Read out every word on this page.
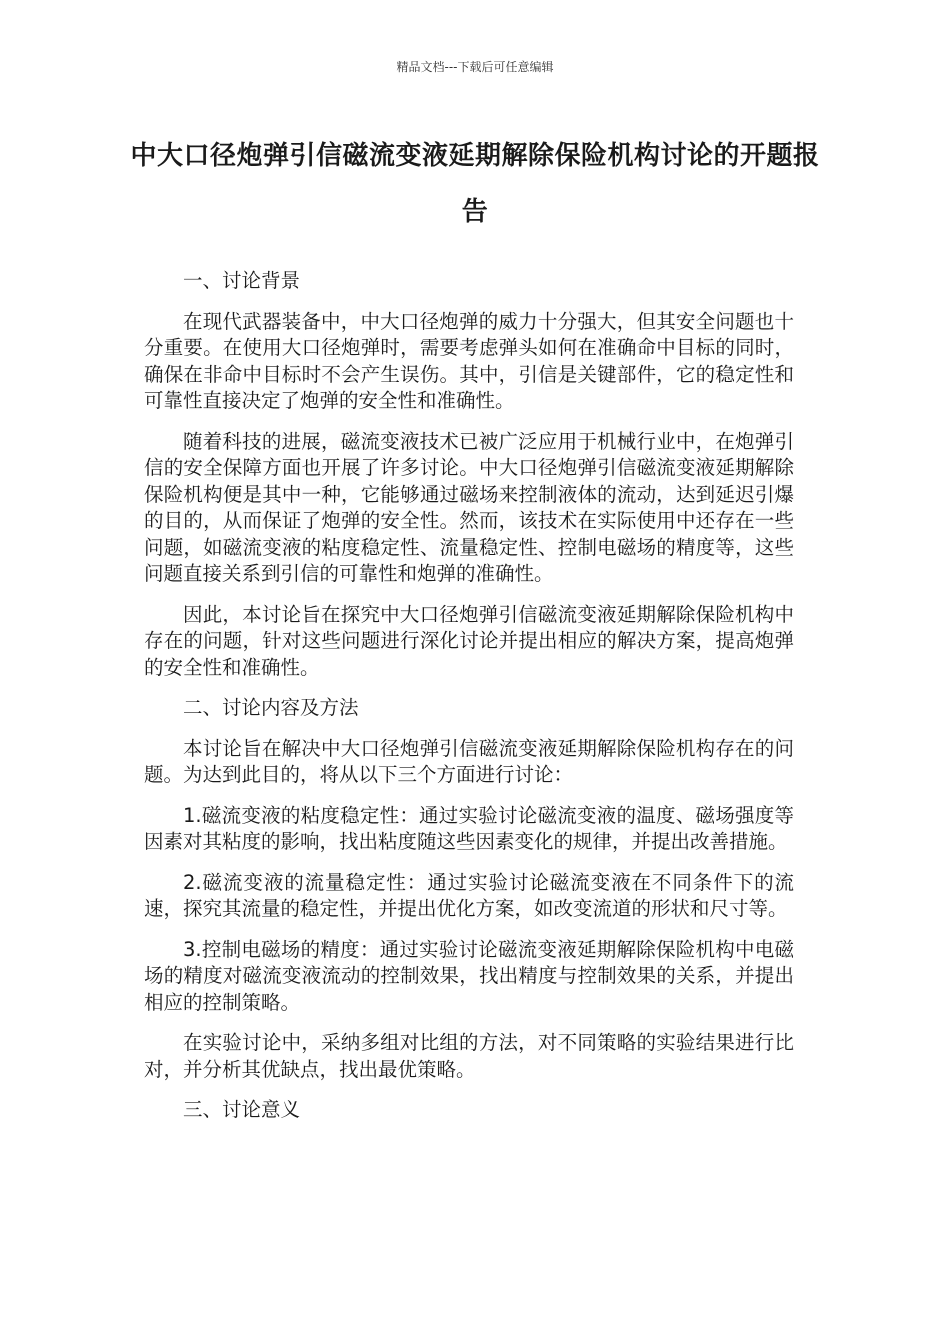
精品文档---下载后可任意编辑
中大口径炮弹引信磁流变液延期解除保险机构讨论的开题报告

一、讨论背景

在现代武器装备中，中大口径炮弹的威力十分强大，但其安全问题也十分重要。在使用大口径炮弹时，需要考虑弹头如何在准确命中目标的同时，确保在非命中目标时不会产生误伤。其中，引信是关键部件，它的稳定性和可靠性直接决定了炮弹的安全性和准确性。

随着科技的进展，磁流变液技术已被广泛应用于机械行业中，在炮弹引信的安全保障方面也开展了许多讨论。中大口径炮弹引信磁流变液延期解除保险机构便是其中一种，它能够通过磁场来控制液体的流动，达到延迟引爆的目的，从而保证了炮弹的安全性。然而，该技术在实际使用中还存在一些问题，如磁流变液的粘度稳定性、流量稳定性、控制电磁场的精度等，这些问题直接关系到引信的可靠性和炮弹的准确性。

因此，本讨论旨在探究中大口径炮弹引信磁流变液延期解除保险机构中存在的问题，针对这些问题进行深化讨论并提出相应的解决方案，提高炮弹的安全性和准确性。

二、讨论内容及方法

本讨论旨在解决中大口径炮弹引信磁流变液延期解除保险机构存在的问题。为达到此目的，将从以下三个方面进行讨论：

1.磁流变液的粘度稳定性：通过实验讨论磁流变液的温度、磁场强度等因素对其粘度的影响，找出粘度随这些因素变化的规律，并提出改善措施。

2.磁流变液的流量稳定性：通过实验讨论磁流变液在不同条件下的流速，探究其流量的稳定性，并提出优化方案，如改变流道的形状和尺寸等。

3.控制电磁场的精度：通过实验讨论磁流变液延期解除保险机构中电磁场的精度对磁流变液流动的控制效果，找出精度与控制效果的关系，并提出相应的控制策略。

在实验讨论中，采纳多组对比组的方法，对不同策略的实验结果进行比对，并分析其优缺点，找出最优策略。

三、讨论意义
